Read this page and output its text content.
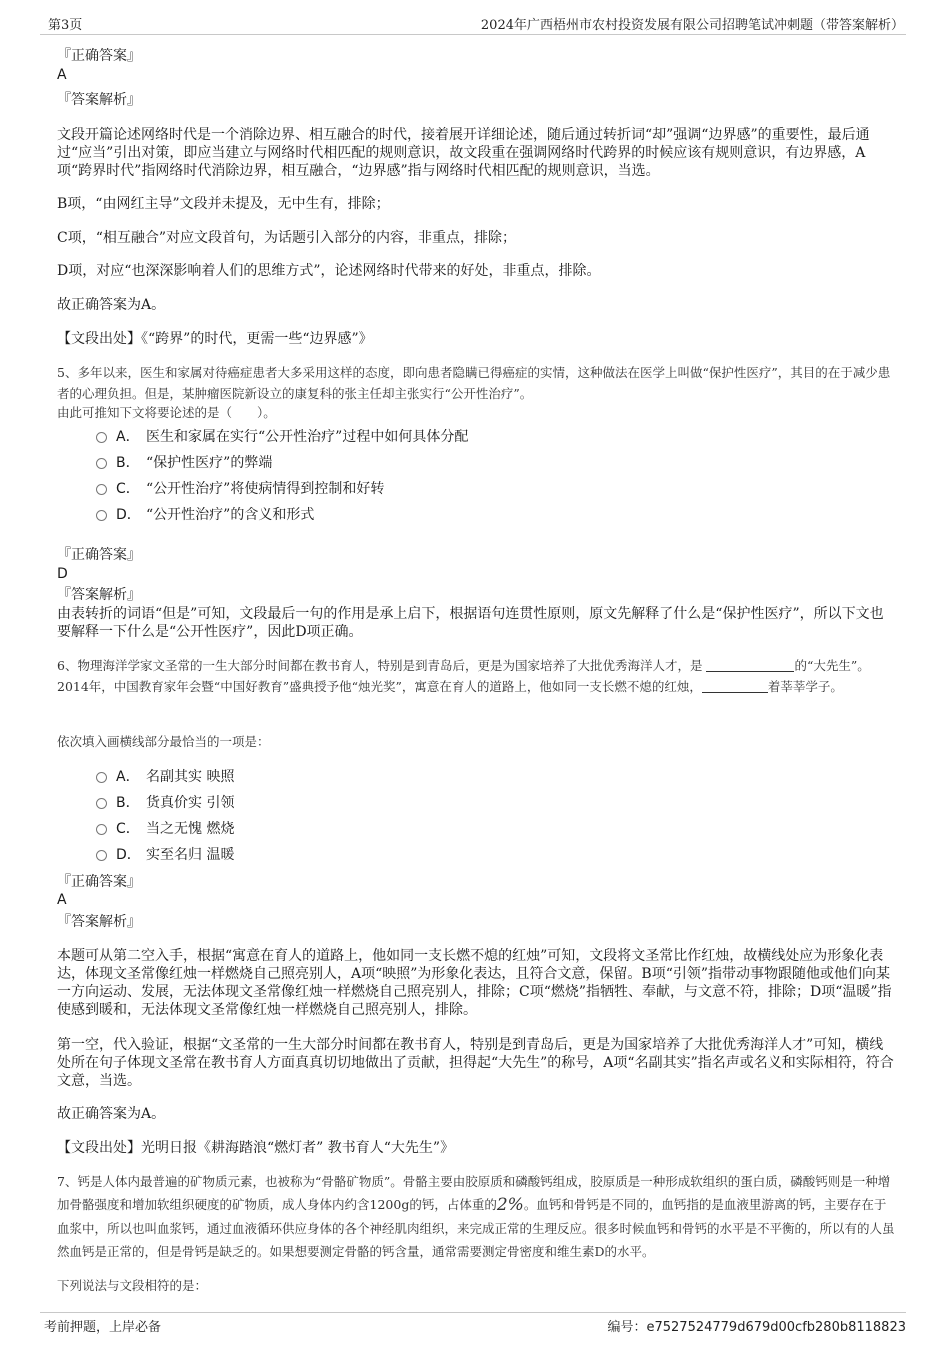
第3页	2024年广西梧州市农村投资发展有限公司招聘笔试冲刺题（带答案解析）
『正确答案』
A
『答案解析』
文段开篇论述网络时代是一个消除边界、相互融合的时代，接着展开详细论述，随后通过转折词“却”强调“边界感”的重要性，最后通过“应当”引出对策，即应当建立与网络时代相匹配的规则意识，故文段重在强调网络时代跨界的时候应该有规则意识，有边界感，A项“跨界时代”指网络时代消除边界，相互融合，“边界感”指与网络时代相匹配的规则意识，当选。
B项，“由网红主导”文段并未提及，无中生有，排除；
C项，“相互融合”对应文段首句，为话题引入部分的内容，非重点，排除；
D项，对应“也深深影响着人们的思维方式”，论述网络时代带来的好处，非重点，排除。
故正确答案为A。
【文段出处】《“跨界”的时代，更需一些“边界感”》
5、多年以来，医生和家属对待癌症患者大多采用这样的态度，即向患者隐瞒已得癌症的实情，这种做法在医学上叫做“保护性医疗”，其目的在于减少患者的心理负担。但是，某肿瘤医院新设立的康复科的张主任却主张实行“公开性治疗”。
由此可推知下文将要论述的是（　　）。
A． 医生和家属在实行“公开性治疗”过程中如何具体分配
B． “保护性医疗”的弊端
C． “公开性治疗”将使病情得到控制和好转
D． “公开性治疗”的含义和形式
『正确答案』
D
『答案解析』
由表转折的词语“但是”可知，文段最后一句的作用是承上启下，根据语句连贯性原则，原文先解释了什么是“保护性医疗”，所以下文也要解释一下什么是“公开性医疗”，因此D项正确。
6、物理海洋学家文圣常的一生大部分时间都在教书育人，特别是到青岛后，更是为国家培养了大批优秀海洋人才，是	的“大先生”。2014年，中国教育家年会暨“中国好教育”盛典授予他“烛光奖”，寓意在育人的道路上，他如同一支长燃不熄的红烛，	着莘莘学子。
依次填入画横线部分最恰当的一项是：
A． 名副其实 映照
B． 货真价实 引领
C． 当之无愧 燃烧
D． 实至名归 温暖
『正确答案』
A
『答案解析』
本题可从第二空入手，根据“寓意在育人的道路上，他如同一支长燃不熄的红烛”可知，文段将文圣常比作红烛，故横线处应为形象化表达，体现文圣常像红烛一样燃烧自己照亮别人，A项“映照”为形象化表达，且符合文意，保留。B项“引领”指带动事物跟随他或他们向某一方向运动、发展，无法体现文圣常像红烛一样燃烧自己照亮别人，排除；C项“燃烧”指牺牲、奉献，与文意不符，排除；D项“温暖”指使感到暖和，无法体现文圣常像红烛一样燃烧自己照亮别人，排除。
第一空，代入验证，根据“文圣常的一生大部分时间都在教书育人，特别是到青岛后，更是为国家培养了大批优秀海洋人才”可知，横线处所在句子体现文圣常在教书育人方面真真切切地做出了贡献，担得起“大先生”的称号，A项“名副其实”指名声或名义和实际相符，符合文意，当选。
故正确答案为A。
【文段出处】光明日报《耕海踏浪“燃灯者” 教书育人“大先生”》
7、钙是人体内最普遍的矿物质元素，也被称为“骨骼矿物质”。骨骼主要由胶原质和磷酸钙组成，胶原质是一种形成软组织的蛋白质，磷酸钙则是一种增加骨骼强度和增加软组织硬度的矿物质，成人身体内约含1200g的钙，占体重的2%。血钙和骨钙是不同的，血钙指的是血液里游离的钙，主要存在于血浆中，所以也叫血浆钙，通过血液循环供应身体的各个神经肌肉组织，来完成正常的生理反应。很多时候血钙和骨钙的水平是不平衡的，所以有的人虽然血钙是正常的，但是骨钙是缺乏的。如果想要测定骨骼的钙含量，通常需要测定骨密度和维生素D的水平。
下列说法与文段相符的是：
考前押题，上岸必备	编号：e7527524779d679d00cfb280b8118823
